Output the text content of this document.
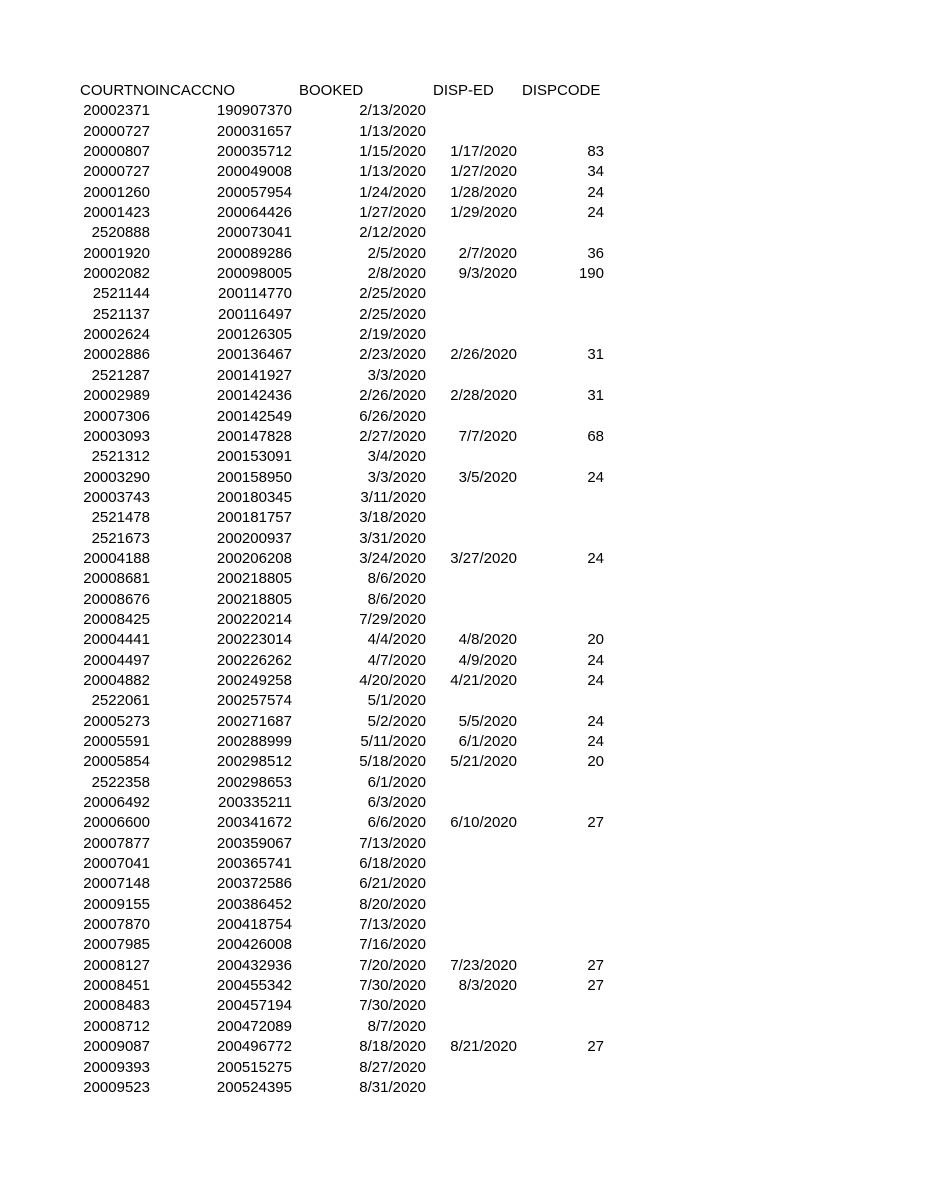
COURTNO INCACCNO	BOOKED	DISP-ED DISPCODE
20002371	190907370	2/13/2020
20000727	200031657	1/13/2020
20000807	200035712	1/15/2020	1/17/2020	83
20000727	200049008	1/13/2020	1/27/2020	34
20001260	200057954	1/24/2020	1/28/2020	24
20001423	200064426	1/27/2020	1/29/2020	24
2520888	200073041	2/12/2020
20001920	200089286	2/5/2020	2/7/2020	36
20002082	200098005	2/8/2020	9/3/2020	190
2521144	200114770	2/25/2020
2521137	200116497	2/25/2020
20002624	200126305	2/19/2020
20002886	200136467	2/23/2020	2/26/2020	31
2521287	200141927	3/3/2020
20002989	200142436	2/26/2020	2/28/2020	31
20007306	200142549	6/26/2020
20003093	200147828	2/27/2020	7/7/2020	68
2521312	200153091	3/4/2020
20003290	200158950	3/3/2020	3/5/2020	24
20003743	200180345	3/11/2020
2521478	200181757	3/18/2020
2521673	200200937	3/31/2020
20004188	200206208	3/24/2020	3/27/2020	24
20008681	200218805	8/6/2020
20008676	200218805	8/6/2020
20008425	200220214	7/29/2020
20004441	200223014	4/4/2020	4/8/2020	20
20004497	200226262	4/7/2020	4/9/2020	24
20004882	200249258	4/20/2020	4/21/2020	24
2522061	200257574	5/1/2020
20005273	200271687	5/2/2020	5/5/2020	24
20005591	200288999	5/11/2020	6/1/2020	24
20005854	200298512	5/18/2020	5/21/2020	20
2522358	200298653	6/1/2020
20006492	200335211	6/3/2020
20006600	200341672	6/6/2020	6/10/2020	27
20007877	200359067	7/13/2020
20007041	200365741	6/18/2020
20007148	200372586	6/21/2020
20009155	200386452	8/20/2020
20007870	200418754	7/13/2020
20007985	200426008	7/16/2020
20008127	200432936	7/20/2020	7/23/2020	27
20008451	200455342	7/30/2020	8/3/2020	27
20008483	200457194	7/30/2020
20008712	200472089	8/7/2020
20009087	200496772	8/18/2020	8/21/2020	27
20009393	200515275	8/27/2020
20009523	200524395	8/31/2020
